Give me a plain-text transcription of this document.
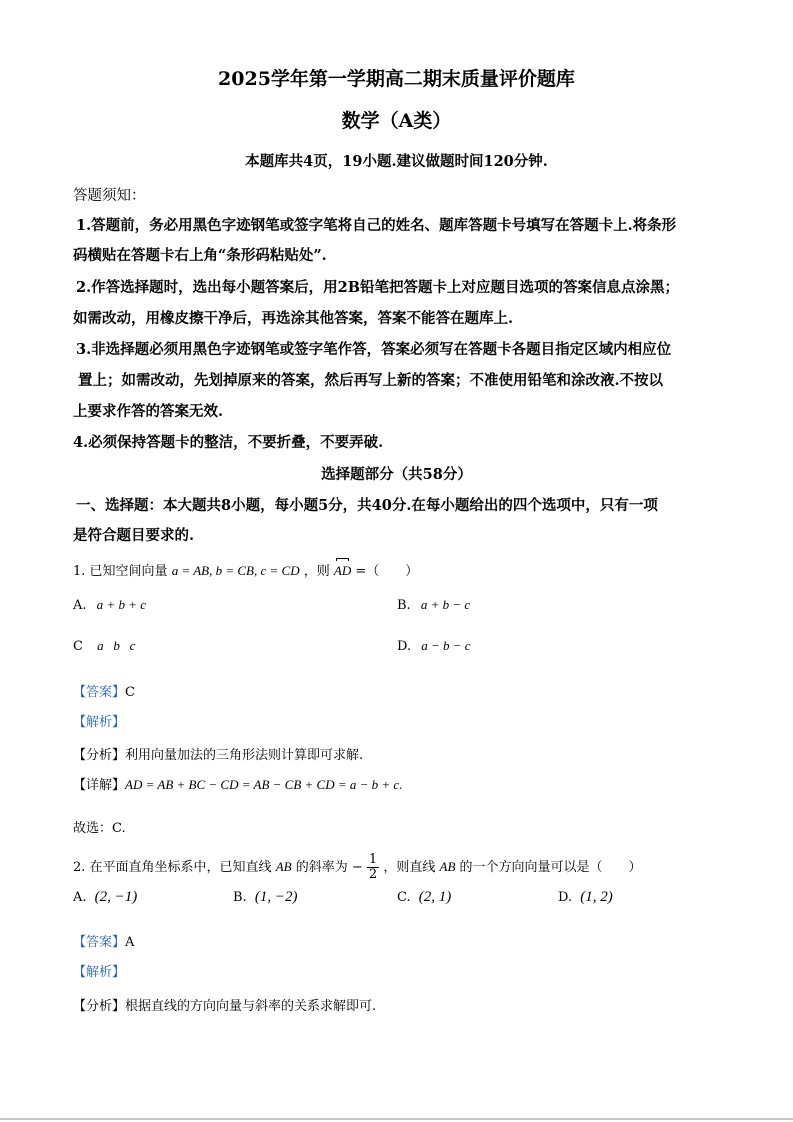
2025学年第一学期高二期末质量评价题库
数学（A类）
本题库共4页，19小题.建议做题时间120分钟.
答题须知：
1.答题前，务必用黑色字迹钢笔或签字笔将自己的姓名、题库答题卡号填写在答题卡上.将条形
码横贴在答题卡右上角“条形码粘贴处”.
2.作答选择题时，选出每小题答案后，用2B铅笔把答题卡上对应题目选项的答案信息点涂黑；
如需改动，用橡皮擦干净后，再选涂其他答案，答案不能答在题库上.
3.非选择题必须用黑色字迹钢笔或签字笔作答，答案必须写在答题卡各题目指定区域内相应位
置上；如需改动，先划掉原来的答案，然后再写上新的答案；不准使用铅笔和涂改液.不按以
上要求作答的答案无效.
4.必须保持答题卡的整洁，不要折叠，不要弄破.
选择题部分（共58分）
一、选择题：本大题共8小题，每小题5分，共40分.在每小题给出的四个选项中，只有一项
是符合题目要求的.
1. 已知空间向量 a = AB, b = CB, c = CD ，则 AD =（　　）
A. a + b + c	B. a + b − c
C a   b   c	D. a − b − c
【答案】C
【解析】
【分析】利用向量加法的三角形法则计算即可求解.
【详解】AD = AB + BC − CD = AB − CB + CD = a − b + c.
故选：C.
2. 在平面直角坐标系中，已知直线 AB 的斜率为 − $\frac{1}{2}$ ，则直线 AB 的一个方向向量可以是（　　）
A. (2, −1)	B. (1, −2)	C. (2, 1)	D. (1, 2)
【答案】A
【解析】
【分析】根据直线的方向向量与斜率的关系求解即可.
